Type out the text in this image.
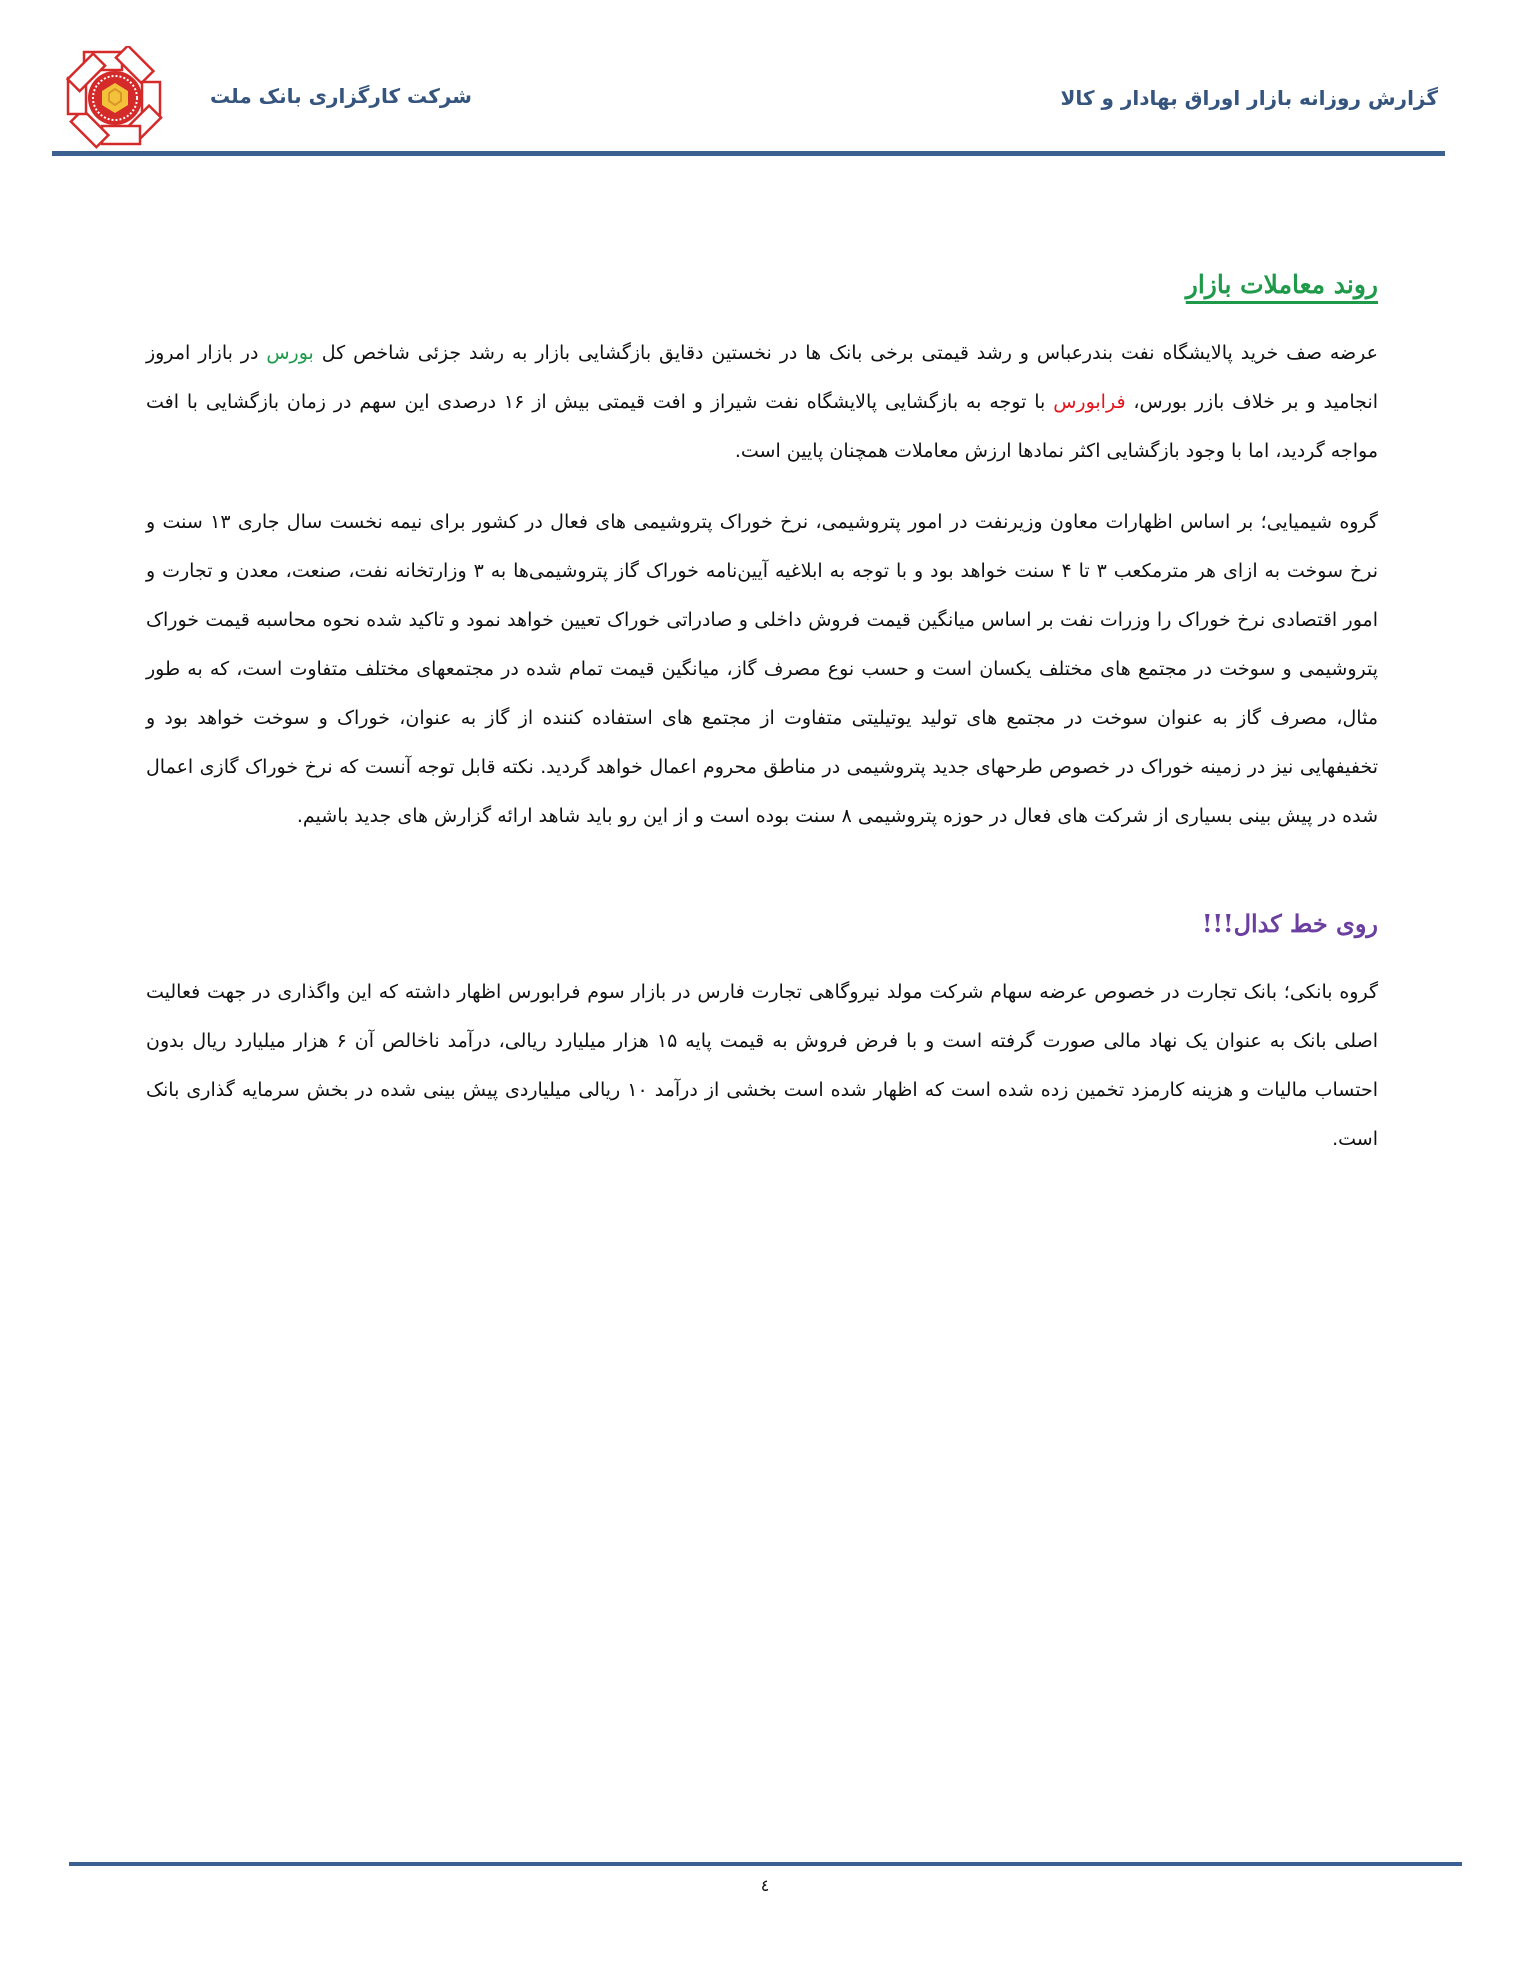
شرکت کارگزاری بانک ملت	گزارش روزانه بازار اوراق بهادار و کالا
روند معاملات بازار

عرضه صف خرید پالایشگاه نفت بندرعباس و رشد قیمتی برخی بانک ها در نخستین دقایق بازگشایی بازار به رشد جزئی شاخص کل بورس در بازار امروز انجامید و بر خلاف بازر بورس، فرابورس با توجه به بازگشایی پالایشگاه نفت شیراز و افت قیمتی بیش از ۱۶ درصدی این سهم در زمان بازگشایی با افت مواجه گردید، اما با وجود بازگشایی اکثر نمادها ارزش معاملات همچنان پایین است.

گروه شیمیایی؛ بر اساس اظهارات معاون وزیرنفت در امور پتروشیمی، نرخ خوراک پتروشیمی های فعال در کشور برای نیمه نخست سال جاری ۱۳ سنت و نرخ سوخت به ازای هر مترمکعب ۳ تا ۴ سنت خواهد بود و با توجه به ابلاغیه آیین‌نامه خوراک گاز پتروشیمی‌ها به ۳ وزارتخانه نفت، صنعت، معدن و تجارت و امور اقتصادی نرخ خوراک را وزرات نفت بر اساس میانگین قیمت فروش داخلی و صادراتی خوراک تعیین خواهد نمود و تاکید شده نحوه محاسبه قیمت خوراک پتروشیمی و سوخت در مجتمع های مختلف یکسان است و حسب نوع مصرف گاز، میانگین قیمت تمام شده در مجتمعهای مختلف متفاوت است، که به طور مثال، مصرف گاز به عنوان سوخت در مجتمع های تولید یوتیلیتی متفاوت از مجتمع های استفاده کننده از گاز به عنوان، خوراک و سوخت خواهد بود و تخفیفهایی نیز در زمینه خوراک در خصوص طرحهای جدید پتروشیمی در مناطق محروم اعمال خواهد گردید. نکته قابل توجه آنست که نرخ خوراک گازی اعمال شده در پیش بینی بسیاری از شرکت های فعال در حوزه پتروشیمی ۸ سنت بوده است و از این رو باید شاهد ارائه گزارش های جدید باشیم.

روی خط کدال!!!

گروه بانکی؛ بانک تجارت در خصوص عرضه سهام شرکت مولد نیروگاهی تجارت فارس در بازار سوم فرابورس اظهار داشته که این واگذاری در جهت فعالیت اصلی بانک به عنوان یک نهاد مالی صورت گرفته است و با فرض فروش به قیمت پایه ۱۵ هزار میلیارد ریالی، درآمد ناخالص آن ۶ هزار میلیارد ریال بدون احتساب مالیات و هزینه کارمزد تخمین زده شده است که اظهار شده است بخشی از درآمد ۱۰ ریالی میلیاردی پیش بینی شده در بخش سرمایه گذاری بانک است.

٤
